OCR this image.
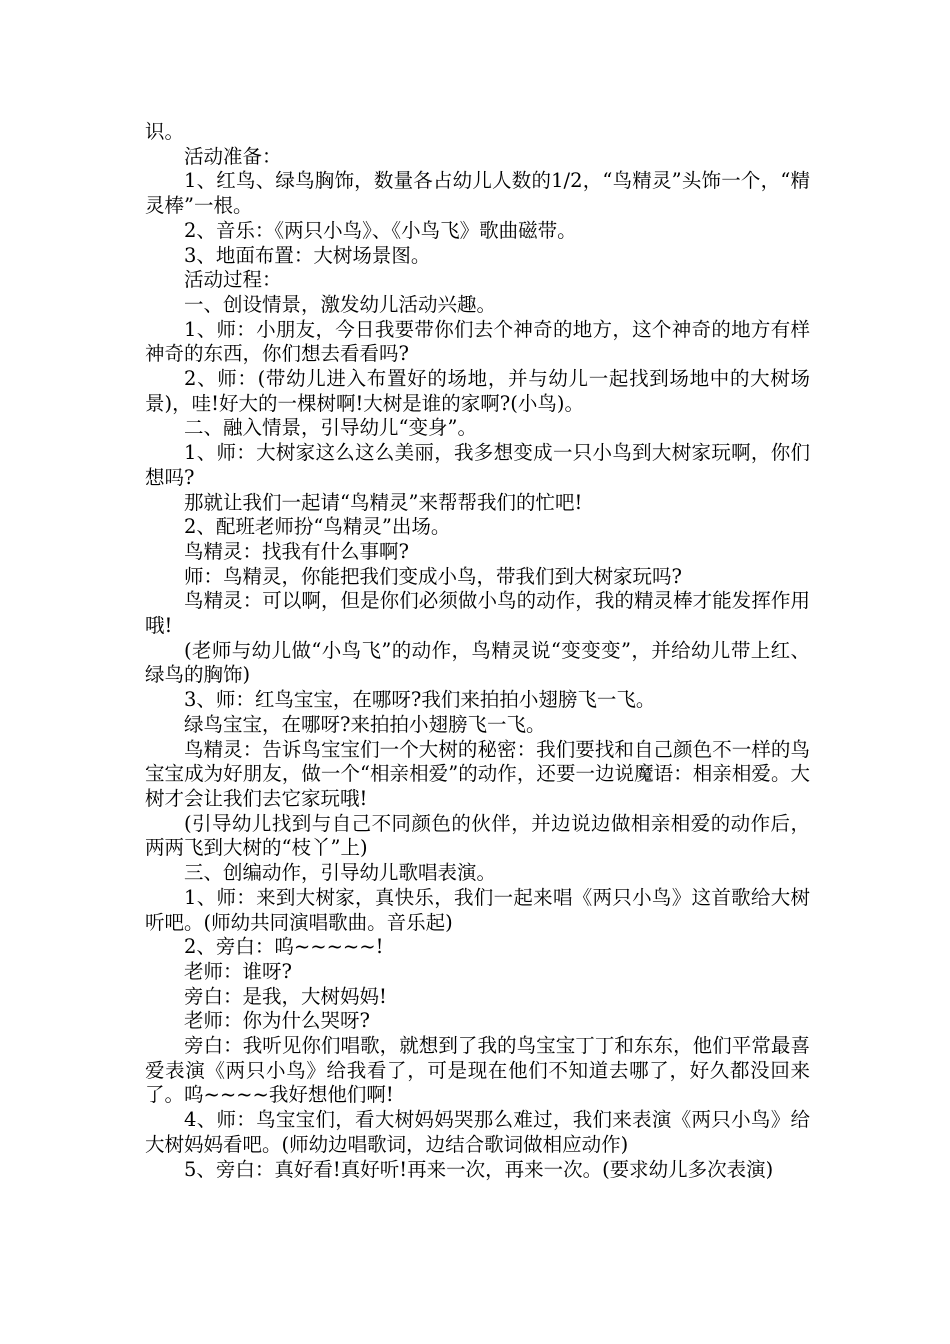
识。

活动准备：

1、红鸟、绿鸟胸饰，数量各占幼儿人数的1/2，“鸟精灵”头饰一个，“精灵棒”一根。

2、音乐：《两只小鸟》、《小鸟飞》歌曲磁带。

3、地面布置：大树场景图。

活动过程：

一、创设情景，激发幼儿活动兴趣。

1、师：小朋友，今日我要带你们去个神奇的地方，这个神奇的地方有样神奇的东西，你们想去看看吗?

2、师：(带幼儿进入布置好的场地，并与幼儿一起找到场地中的大树场景)，哇!好大的一棵树啊!大树是谁的家啊?(小鸟)。

二、融入情景，引导幼儿“变身”。

1、师：大树家这么这么美丽，我多想变成一只小鸟到大树家玩啊，你们想吗?

那就让我们一起请“鸟精灵”来帮帮我们的忙吧!

2、配班老师扮“鸟精灵”出场。

鸟精灵：找我有什么事啊?

师：鸟精灵，你能把我们变成小鸟，带我们到大树家玩吗?

鸟精灵：可以啊，但是你们必须做小鸟的动作，我的精灵棒才能发挥作用哦!

(老师与幼儿做“小鸟飞”的动作，鸟精灵说“变变变”，并给幼儿带上红、绿鸟的胸饰)

3、师：红鸟宝宝，在哪呀?我们来拍拍小翅膀飞一飞。

绿鸟宝宝，在哪呀?来拍拍小翅膀飞一飞。

鸟精灵：告诉鸟宝宝们一个大树的秘密：我们要找和自己颜色不一样的鸟宝宝成为好朋友，做一个“相亲相爱”的动作，还要一边说魔语：相亲相爱。大树才会让我们去它家玩哦!

(引导幼儿找到与自己不同颜色的伙伴，并边说边做相亲相爱的动作后，两两飞到大树的“枝丫”上)

三、创编动作，引导幼儿歌唱表演。

1、师：来到大树家，真快乐，我们一起来唱《两只小鸟》这首歌给大树听吧。(师幼共同演唱歌曲。音乐起)

2、旁白：呜~~~~~!

老师：谁呀?

旁白：是我，大树妈妈!

老师：你为什么哭呀?

旁白：我听见你们唱歌，就想到了我的鸟宝宝丁丁和东东，他们平常最喜爱表演《两只小鸟》给我看了，可是现在他们不知道去哪了，好久都没回来了。呜~~~~我好想他们啊!

4、师：鸟宝宝们，看大树妈妈哭那么难过，我们来表演《两只小鸟》给大树妈妈看吧。(师幼边唱歌词，边结合歌词做相应动作)

5、旁白：真好看!真好听!再来一次，再来一次。(要求幼儿多次表演)
